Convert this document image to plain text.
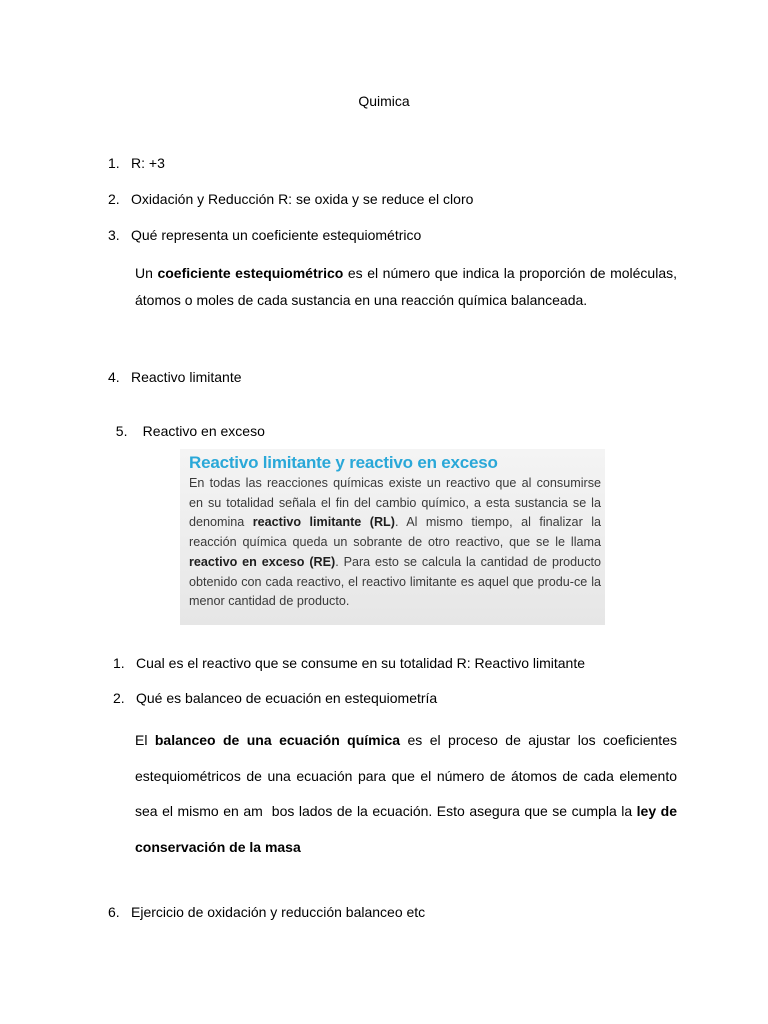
Quimica
1. R: +3
2. Oxidación y Reducción R: se oxida y se reduce el cloro
3. Qué representa un coeficiente estequiométrico
Un coeficiente estequiométrico es el número que indica la proporción de moléculas, átomos o moles de cada sustancia en una reacción química balanceada.
4. Reactivo limitante

5. Reactivo en exceso

Reactivo limitante y reactivo en exceso
En todas las reacciones químicas existe un reactivo que al consumirse en su totalidad señala el fin del cambio químico, a esta sustancia se la denomina reactivo limitante (RL). Al mismo tiempo, al finalizar la reacción química queda un sobrante de otro reactivo, que se le llama reactivo en exceso (RE). Para esto se calcula la cantidad de producto obtenido con cada reactivo, el reactivo limitante es aquel que produ-ce la menor cantidad de producto.
1. Cual es el reactivo que se consume en su totalidad R: Reactivo limitante
2. Qué es balanceo de ecuación en estequiometría
El balanceo de una ecuación química es el proceso de ajustar los coeficientes estequiométricos de una ecuación para que el número de átomos de cada elemento sea el mismo en am  bos lados de la ecuación. Esto asegura que se cumpla la ley de conservación de la masa
6. Ejercicio de oxidación y reducción balanceo etc
